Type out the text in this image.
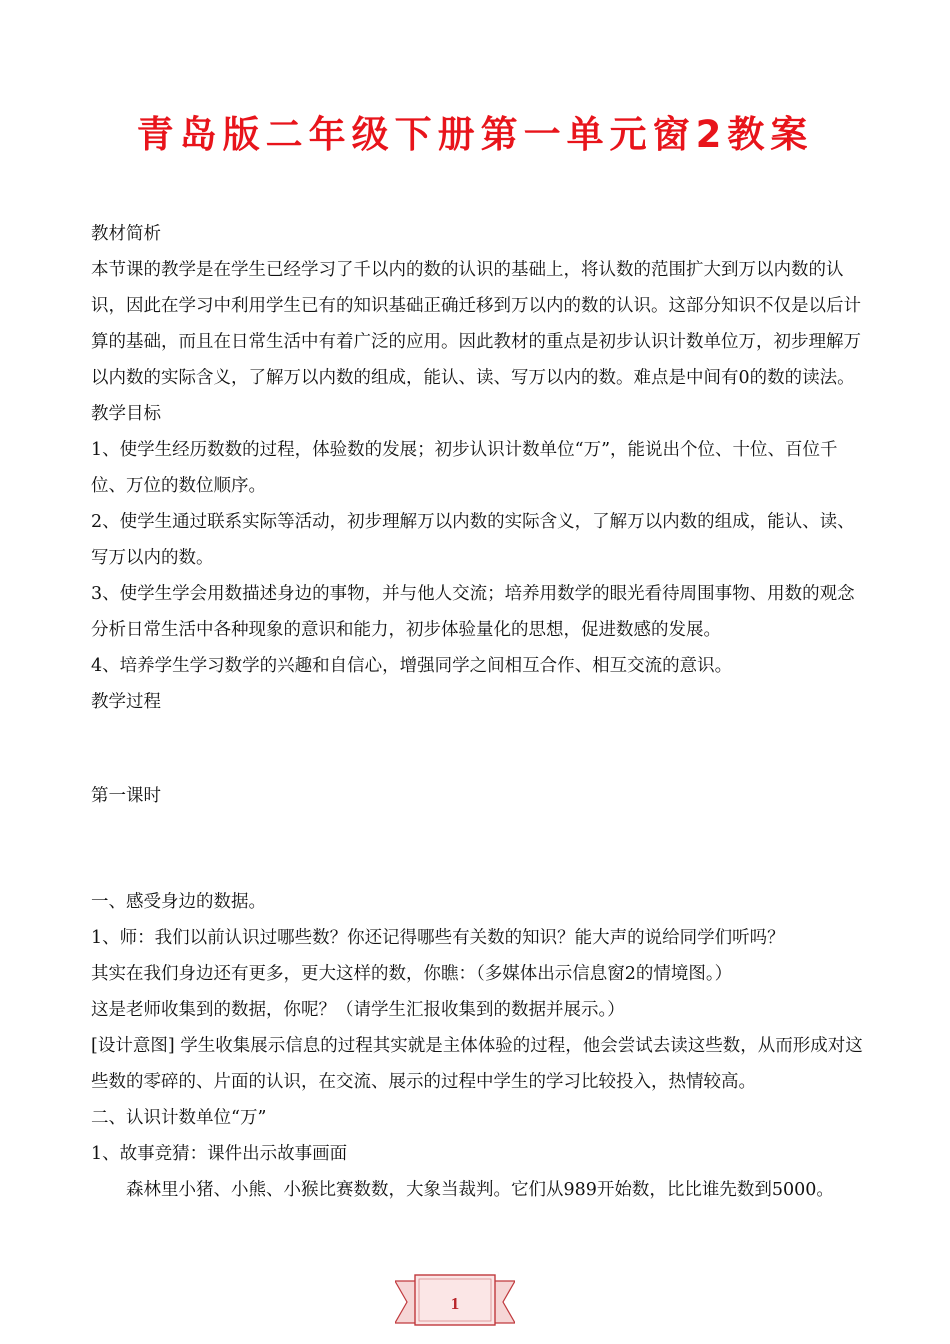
青岛版二年级下册第一单元窗2教案

教材简析

本节课的教学是在学生已经学习了千以内的数的认识的基础上，将认数的范围扩大到万以内数的认识，因此在学习中利用学生已有的知识基础正确迁移到万以内的数的认识。这部分知识不仅是以后计算的基础，而且在日常生活中有着广泛的应用。因此教材的重点是初步认识计数单位万，初步理解万以内数的实际含义，了解万以内数的组成，能认、读、写万以内的数。难点是中间有0的数的读法。

教学目标

1、使学生经历数数的过程，体验数的发展；初步认识计数单位“万”，能说出个位、十位、百位千位、万位的数位顺序。

2、使学生通过联系实际等活动，初步理解万以内数的实际含义，了解万以内数的组成，能认、读、写万以内的数。

3、使学生学会用数描述身边的事物，并与他人交流；培养用数学的眼光看待周围事物、用数的观念分析日常生活中各种现象的意识和能力，初步体验量化的思想，促进数感的发展。

4、培养学生学习数学的兴趣和自信心，增强同学之间相互合作、相互交流的意识。

教学过程

第一课时

一、感受身边的数据。

1、师：我们以前认识过哪些数？你还记得哪些有关数的知识？能大声的说给同学们听吗？

其实在我们身边还有更多，更大这样的数，你瞧：（多媒体出示信息窗2的情境图。）

这是老师收集到的数据，你呢？（请学生汇报收集到的数据并展示。）

[设计意图] 学生收集展示信息的过程其实就是主体体验的过程，他会尝试去读这些数，从而形成对这些数的零碎的、片面的认识，在交流、展示的过程中学生的学习比较投入，热情较高。

二、认识计数单位“万”

1、故事竞猜：课件出示故事画面

森林里小猪、小熊、小猴比赛数数，大象当裁判。它们从989开始数，比比谁先数到5000。

1
